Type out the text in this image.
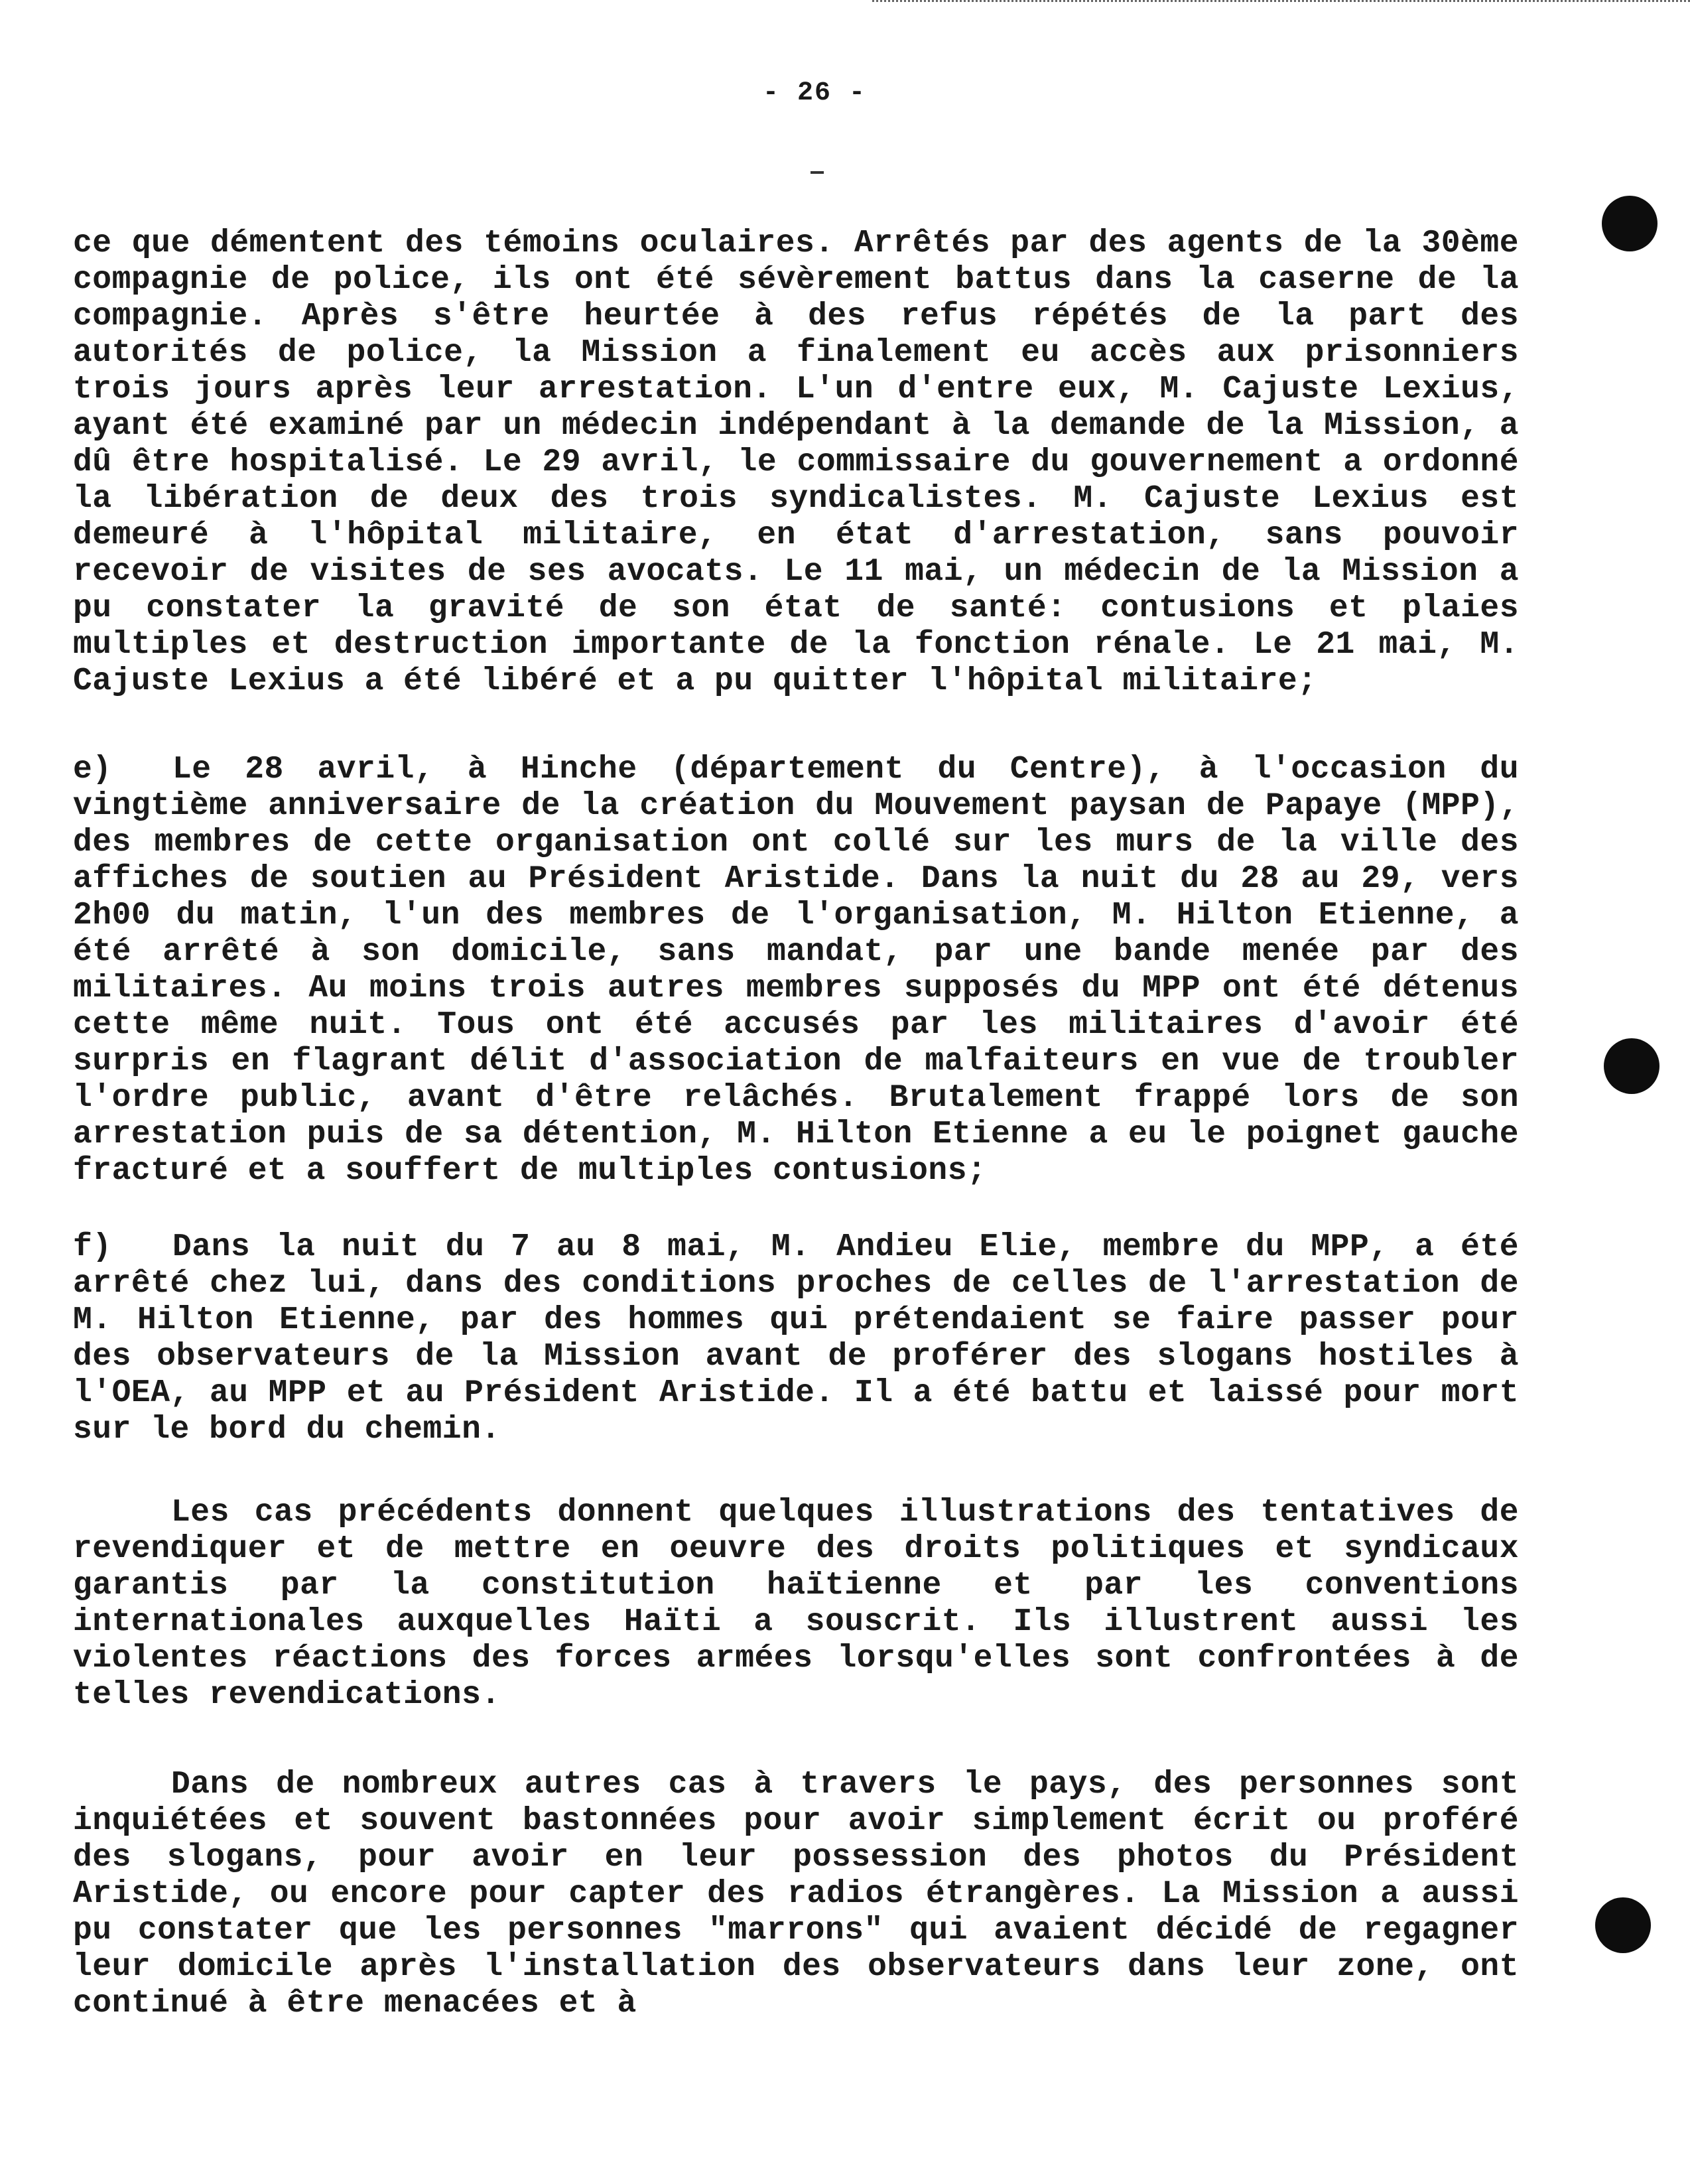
- 26 -

ce que démentent des témoins oculaires. Arrêtés par des agents de la 30ème compagnie de police, ils ont été sévèrement battus dans la caserne de la compagnie. Après s'être heurtée à des refus répétés de la part des autorités de police, la Mission a finalement eu accès aux prisonniers trois jours après leur arrestation. L'un d'entre eux, M. Cajuste Lexius, ayant été examiné par un médecin indépendant à la demande de la Mission, a dû être hospitalisé. Le 29 avril, le commissaire du gouvernement a ordonné la libération de deux des trois syndicalistes. M. Cajuste Lexius est demeuré à l'hôpital militaire, en état d'arrestation, sans pouvoir recevoir de visites de ses avocats. Le 11 mai, un médecin de la Mission a pu constater la gravité de son état de santé: contusions et plaies multiples et destruction importante de la fonction rénale. Le 21 mai, M. Cajuste Lexius a été libéré et a pu quitter l'hôpital militaire;

e) Le 28 avril, à Hinche (département du Centre), à l'occasion du vingtième anniversaire de la création du Mouvement paysan de Papaye (MPP), des membres de cette organisation ont collé sur les murs de la ville des affiches de soutien au Président Aristide. Dans la nuit du 28 au 29, vers 2h00 du matin, l'un des membres de l'organisation, M. Hilton Etienne, a été arrêté à son domicile, sans mandat, par une bande menée par des militaires. Au moins trois autres membres supposés du MPP ont été détenus cette même nuit. Tous ont été accusés par les militaires d'avoir été surpris en flagrant délit d'association de malfaiteurs en vue de troubler l'ordre public, avant d'être relâchés. Brutalement frappé lors de son arrestation puis de sa détention, M. Hilton Etienne a eu le poignet gauche fracturé et a souffert de multiples contusions;

f) Dans la nuit du 7 au 8 mai, M. Andieu Elie, membre du MPP, a été arrêté chez lui, dans des conditions proches de celles de l'arrestation de M. Hilton Etienne, par des hommes qui prétendaient se faire passer pour des observateurs de la Mission avant de proférer des slogans hostiles à l'OEA, au MPP et au Président Aristide. Il a été battu et laissé pour mort sur le bord du chemin.

Les cas précédents donnent quelques illustrations des tentatives de revendiquer et de mettre en oeuvre des droits politiques et syndicaux garantis par la constitution haïtienne et par les conventions internationales auxquelles Haïti a souscrit. Ils illustrent aussi les violentes réactions des forces armées lorsqu'elles sont confrontées à de telles revendications.

Dans de nombreux autres cas à travers le pays, des personnes sont inquiétées et souvent bastonnées pour avoir simplement écrit ou proféré des slogans, pour avoir en leur possession des photos du Président Aristide, ou encore pour capter des radios étrangères. La Mission a aussi pu constater que les personnes "marrons" qui avaient décidé de regagner leur domicile après l'installation des observateurs dans leur zone, ont continué à être menacées et à
